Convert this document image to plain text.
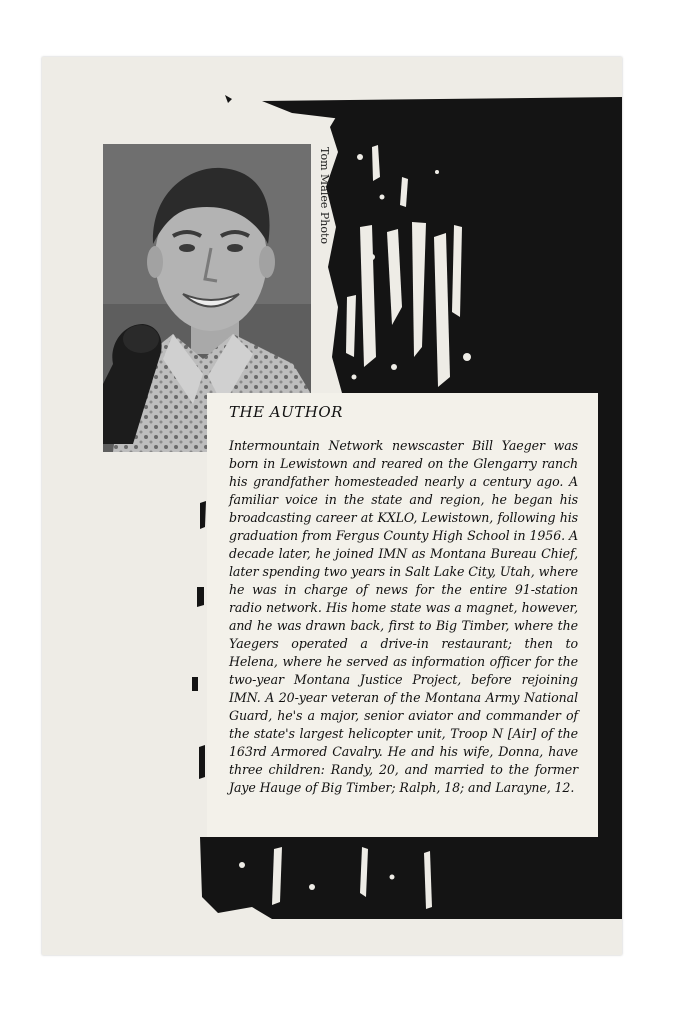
Tom Malee Photo
THE AUTHOR

Intermountain Network newscaster Bill Yaeger was born in Lewistown and reared on the Glengarry ranch his grandfather homesteaded nearly a century ago. A familiar voice in the state and region, he began his broadcasting career at KXLO, Lewistown, following his graduation from Fergus County High School in 1956. A decade later, he joined IMN as Montana Bureau Chief, later spending two years in Salt Lake City, Utah, where he was in charge of news for the entire 91-station radio network. His home state was a magnet, however, and he was drawn back, first to Big Timber, where the Yaegers operated a drive-in restaurant; then to Helena, where he served as information officer for the two-year Montana Justice Project, before rejoining IMN. A 20-year veteran of the Montana Army National Guard, he's a major, senior aviator and commander of the state's largest helicopter unit, Troop N [Air] of the 163rd Armored Cavalry. He and his wife, Donna, have three children: Randy, 20, and married to the former Jaye Hauge of Big Timber; Ralph, 18; and Larayne, 12.
